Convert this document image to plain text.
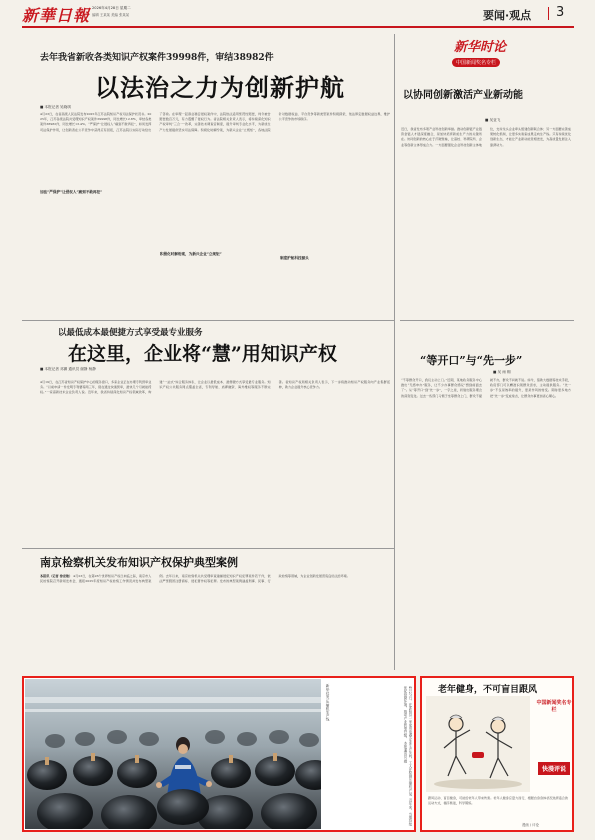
新華日報 2026年4月28日 星期二
编辑 王某某 美编 张某某	要闻·观点 3
去年我省新收各类知识产权案件39998件，审结38982件
以法治之力为创新护航
■ 本报记者 吴晓琪
4月23日，在省高级人民法院发布2025年江苏法院知识产权司法保护状况书。2025年，江苏各级法院共受理知识产权案件39998件，同比增长12.8%，审结各类案件38982件，同比增长13.4%。“严保护”让侵权人“痛到不敢再犯”，如何发挥司法保护作用，让创新者在公平竞争中获得应有回报，江苏法院以实际行动给出了答卷。在审理一起商业秘密侵权案件中，法院依法适用惩罚性赔偿，判令被告赔偿数百万元，有力震慑了侵权行为。省法院相关负责人表示，将持续深化知识产权审判“三合一”改革，完善技术调查官制度，提升审判专业化水平，为新质生产力发展提供坚实司法保障。积极化时解纷案，为新兴企业“立规矩”，各地法院针对数据权益、平台竞争等新类型案件积极探索，依法界定数据权益边界，维护公平竞争的市场秩序。
加法“严保护”让侵权人“痛到不敢再犯”
积极化时解纷案，为新兴企业“立规矩”
制度护航科技源头
新华时论
中国新闻奖名专栏
以协同创新激活产业新动能
■ 吴亚飞
近日，我省发布多项产业科技创新举措。推动创新链产业链资金链人才链深度融合，是加快培育新质生产力的关键所在。协同创新的核心在于打破壁垒，让高校、科研院所、企业等创新主体形成合力。一方面要强化企业科技创新主体地位，支持龙头企业牵头组建创新联合体；另一方面要完善成果转化机制，让更多实验室成果走向生产线。只有持续优化创新生态，才能让产业新动能竞相迸发，为高质量发展注入澎湃动力。
以最低成本最便捷方式享受最专业服务
在这里，企业将“慧”用知识产权
■ 本报记者 邓渊 通讯员 谢静 杨静
4月19日，在江苏省知识产权保护中心的服务窗口，多家企业正在办理专利预审业务。“以前申请一件发明专利要等两三年，现在通过快速预审，最快几个月就能授权。”一家高新技术企业负责人说。近年来，我省持续深化知识产权领域改革，构建“一站式”综合服务体系，让企业以最低成本、最便捷方式享受最专业服务。知识产权公共服务网点覆盖全省，专利导航、质押融资、海外维权等服务不断完善。省知识产权局相关负责人表示，下一步将推动知识产权服务向产业集群延伸，助力企业提升核心竞争力。
“等开口”与“先一步”
■ 吴 雨 桐
“不等群众开口，我们主动上门。”近期，某地政务服务中心推出“无感申办”服务，让不少办事群众感叹“想到前面去了”。从“等开口”到“先一步”，一字之差，折射出服务理念的深刻变化。过去一些部门习惯于坐等群众上门，群众不提就不办，群众不问就不说。如今，借助大数据等技术手段，政府部门可以精准识别群众需求，主动提供服务。“先一步”不仅是效率的提升，更是作风的转变。期待更多地方把“先一步”变成常态，让群众办事更加省心顺心。
南京检察机关发布知识产权保护典型案例
本报讯（记者 徐宏艳） 4月23日，在第26个世界知识产权日来临之际，南京市人民检察院召开新闻发布会，通报2025年度知识产权检察工作情况并发布典型案例。去年以来，南京检察机关共受理审查逮捕侵犯知识产权犯罪案件若干件，依法严惩假冒注册商标、侵犯著作权等犯罪。发布的典型案例涵盖刑事、民事、行政检察等领域，为企业创新发展营造良好法治环境。
新华社发 压缩机生产线	4月27日，在沭阳县一家家用电器企业生产车间，工人在检测压缩机产品。近年来，当地持续优化营商环境，推动产业转型升级。 本报通讯员 摄	老年健身，不可盲目跟风
中国新闻奖名专栏
快漫评说
跟风运动、盲目健身，可能给老年人带来伤害。老年人健身应量力而行，根据自身身体状况选择适合的运动方式，循序渐进，科学锻炼。
漫画 / 评论
